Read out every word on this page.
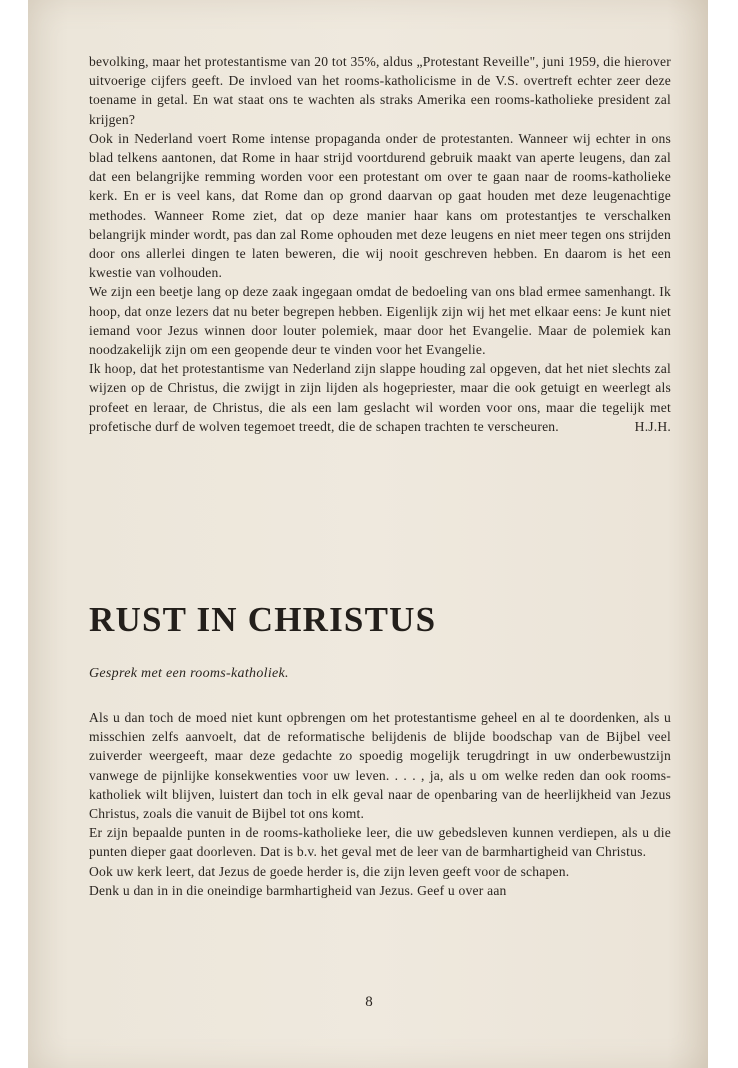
bevolking, maar het protestantisme van 20 tot 35%, aldus „Protestant Reveille", juni 1959, die hierover uitvoerige cijfers geeft. De invloed van het rooms-katholicisme in de V.S. overtreft echter zeer deze toename in getal. En wat staat ons te wachten als straks Amerika een rooms-katholieke president zal krijgen?

Ook in Nederland voert Rome intense propaganda onder de protestanten. Wanneer wij echter in ons blad telkens aantonen, dat Rome in haar strijd voortdurend gebruik maakt van aperte leugens, dan zal dat een belangrijke remming worden voor een protestant om over te gaan naar de rooms-katholieke kerk. En er is veel kans, dat Rome dan op grond daarvan op gaat houden met deze leugenachtige methodes. Wanneer Rome ziet, dat op deze manier haar kans om protestantjes te verschalken belangrijk minder wordt, pas dan zal Rome ophouden met deze leugens en niet meer tegen ons strijden door ons allerlei dingen te laten beweren, die wij nooit geschreven hebben. En daarom is het een kwestie van volhouden.

We zijn een beetje lang op deze zaak ingegaan omdat de bedoeling van ons blad ermee samenhangt. Ik hoop, dat onze lezers dat nu beter begrepen hebben. Eigenlijk zijn wij het met elkaar eens: Je kunt niet iemand voor Jezus winnen door louter polemiek, maar door het Evangelie. Maar de polemiek kan noodzakelijk zijn om een geopende deur te vinden voor het Evangelie.

Ik hoop, dat het protestantisme van Nederland zijn slappe houding zal opgeven, dat het niet slechts zal wijzen op de Christus, die zwijgt in zijn lijden als hogepriester, maar die ook getuigt en weerlegt als profeet en leraar, de Christus, die als een lam geslacht wil worden voor ons, maar die tegelijk met profetische durf de wolven tegemoet treedt, die de schapen trachten te verscheuren.	H.J.H.

RUST IN CHRISTUS

Gesprek met een rooms-katholiek.

Als u dan toch de moed niet kunt opbrengen om het protestantisme geheel en al te doordenken, als u misschien zelfs aanvoelt, dat de reformatische belijdenis de blijde boodschap van de Bijbel veel zuiverder weergeeft, maar deze gedachte zo spoedig mogelijk terugdringt in uw onderbewustzijn vanwege de pijnlijke konsekwenties voor uw leven. . . . , ja, als u om welke reden dan ook rooms-katholiek wilt blijven, luistert dan toch in elk geval naar de openbaring van de heerlijkheid van Jezus Christus, zoals die vanuit de Bijbel tot ons komt.

Er zijn bepaalde punten in de rooms-katholieke leer, die uw gebedsleven kunnen verdiepen, als u die punten dieper gaat doorleven. Dat is b.v. het geval met de leer van de barmhartigheid van Christus.

Ook uw kerk leert, dat Jezus de goede herder is, die zijn leven geeft voor de schapen.

Denk u dan in in die oneindige barmhartigheid van Jezus. Geef u over aan

8
